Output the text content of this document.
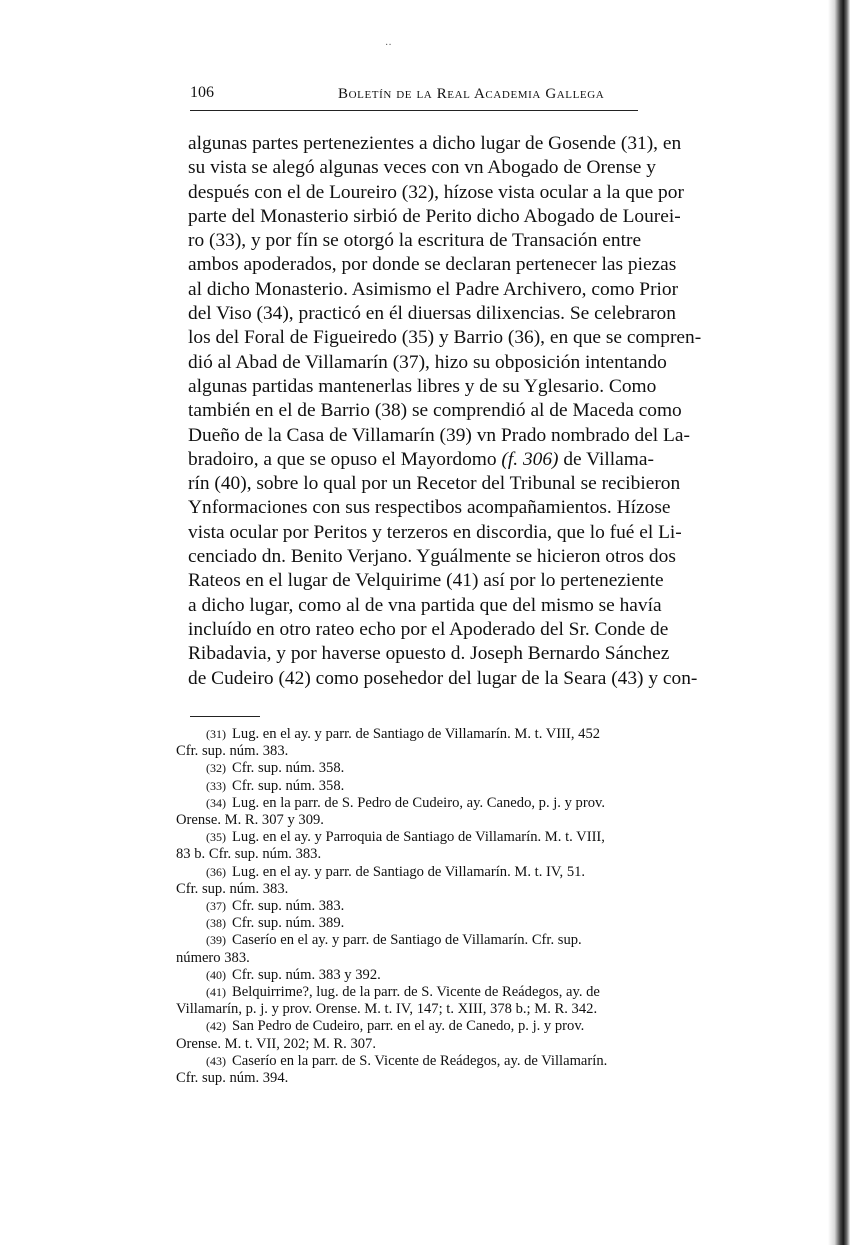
··
106	Boletín de la Real Academia Gallega
algunas partes pertenezientes a dicho lugar de Gosende (31), en
su vista se alegó algunas veces con vn Abogado de Orense y
después con el de Loureiro (32), hízose vista ocular a la que por
parte del Monasterio sirbió de Perito dicho Abogado de Lourei-
ro (33), y por fín se otorgó la escritura de Transación entre
ambos apoderados, por donde se declaran pertenecer las piezas
al dicho Monasterio. Asimismo el Padre Archivero, como Prior
del Viso (34), practicó en él diuersas dilixencias. Se celebraron
los del Foral de Figueiredo (35) y Barrio (36), en que se compren-
dió al Abad de Villamarín (37), hizo su obposición intentando
algunas partidas mantenerlas libres y de su Yglesario. Como
también en el de Barrio (38) se comprendió al de Maceda como
Dueño de la Casa de Villamarín (39) vn Prado nombrado del La-
bradoiro, a que se opuso el Mayordomo (f. 306) de Villama-
rín (40), sobre lo qual por un Recetor del Tribunal se recibieron
Ynformaciones con sus respectibos acompañamientos. Hízose
vista ocular por Peritos y terzeros en discordia, que lo fué el Li-
cenciado dn. Benito Verjano. Yguálmente se hicieron otros dos
Rateos en el lugar de Velquirime (41) así por lo perteneziente
a dicho lugar, como al de vna partida que del mismo se havía
incluído en otro rateo echo por el Apoderado del Sr. Conde de
Ribadavia, y por haverse opuesto d. Joseph Bernardo Sánchez
de Cudeiro (42) como posehedor del lugar de la Seara (43) y con-
(31) Lug. en el ay. y parr. de Santiago de Villamarín. M. t. VIII, 452
Cfr. sup. núm. 383.
(32) Cfr. sup. núm. 358.
(33) Cfr. sup. núm. 358.
(34) Lug. en la parr. de S. Pedro de Cudeiro, ay. Canedo, p. j. y prov.
Orense. M. R. 307 y 309.
(35) Lug. en el ay. y Parroquia de Santiago de Villamarín. M. t. VIII,
83 b. Cfr. sup. núm. 383.
(36) Lug. en el ay. y parr. de Santiago de Villamarín. M. t. IV, 51.
Cfr. sup. núm. 383.
(37) Cfr. sup. núm. 383.
(38) Cfr. sup. núm. 389.
(39) Caserío en el ay. y parr. de Santiago de Villamarín. Cfr. sup.
número 383.
(40) Cfr. sup. núm. 383 y 392.
(41) Belquirrime?, lug. de la parr. de S. Vicente de Reádegos, ay. de
Villamarín, p. j. y prov. Orense. M. t. IV, 147; t. XIII, 378 b.; M. R. 342.
(42) San Pedro de Cudeiro, parr. en el ay. de Canedo, p. j. y prov.
Orense. M. t. VII, 202; M. R. 307.
(43) Caserío en la parr. de S. Vicente de Reádegos, ay. de Villamarín.
Cfr. sup. núm. 394.
